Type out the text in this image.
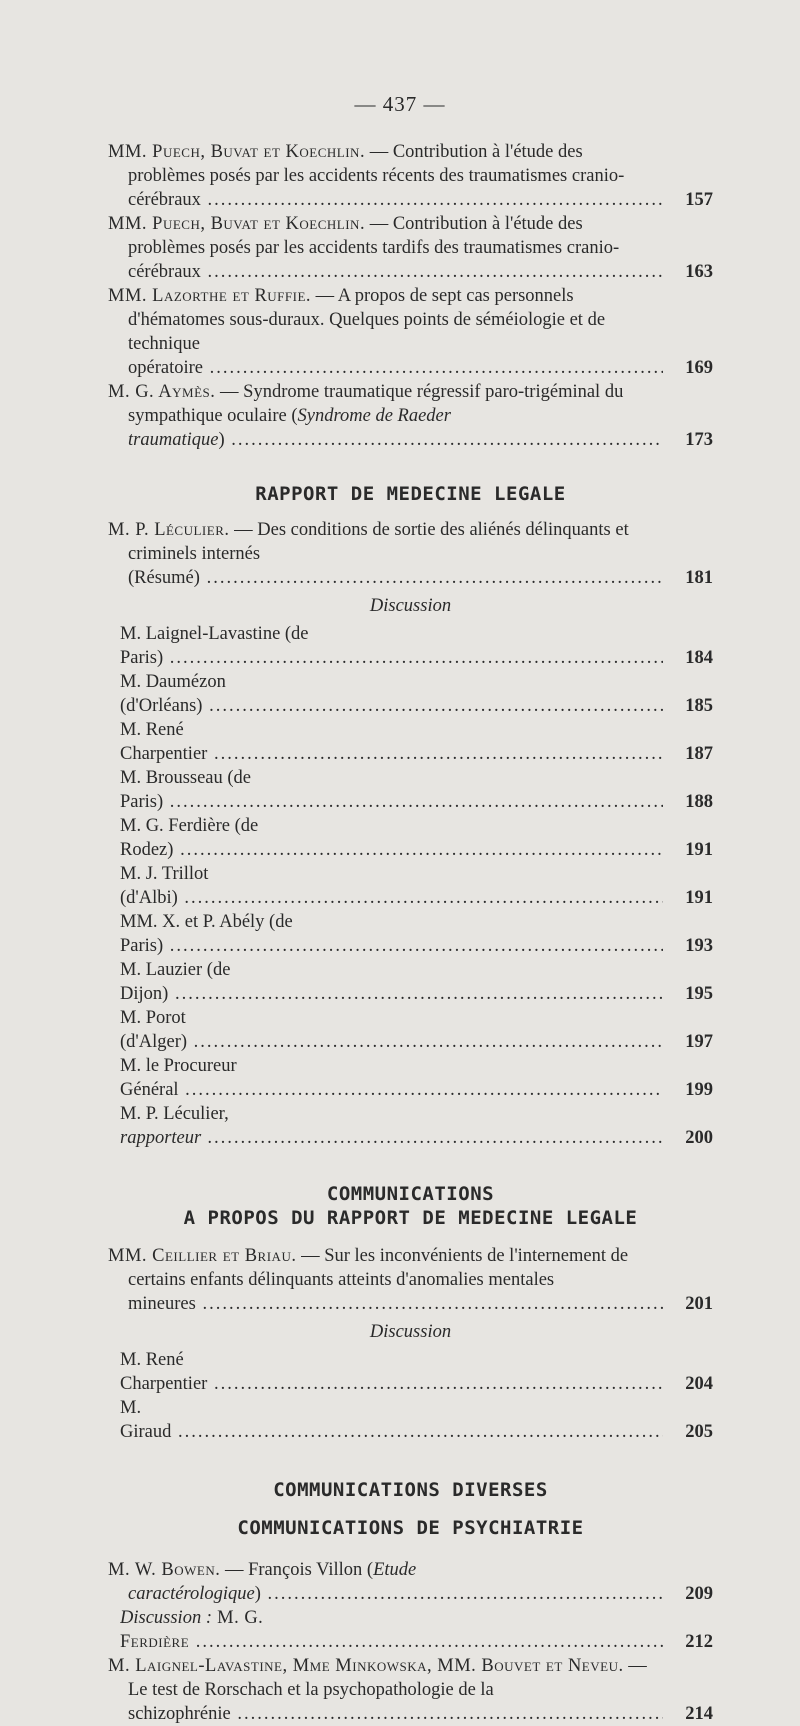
— 437 —
MM. Puech, Buvat et Koechlin. — Contribution à l'étude des problèmes posés par les accidents récents des traumatismes cranio-cérébraux .....	157
MM. Puech, Buvat et Koechlin. — Contribution à l'étude des problèmes posés par les accidents tardifs des traumatismes cranio-cérébraux .....	163
MM. Lazorthe et Ruffie. — A propos de sept cas personnels d'hématomes sous-duraux. Quelques points de séméiologie et de technique opératoire .....	169
M. G. Aymès. — Syndrome traumatique régressif paro-trigéminal du sympathique oculaire (Syndrome de Raeder traumatique) .....	173
RAPPORT DE MEDECINE LEGALE
M. P. Léculier. — Des conditions de sortie des aliénés délinquants et criminels internés (Résumé) .....	181
Discussion
M. Laignel-Lavastine (de Paris) .....	184
M. Daumézon (d'Orléans) .....	185
M. René Charpentier .....	187
M. Brousseau (de Paris) .....	188
M. G. Ferdière (de Rodez) .....	191
M. J. Trillot (d'Albi) .....	191
MM. X. et P. Abély (de Paris) .....	193
M. Lauzier (de Dijon) .....	195
M. Porot (d'Alger) .....	197
M. le Procureur Général .....	199
M. P. Léculier, rapporteur .....	200
COMMUNICATIONS
A PROPOS DU RAPPORT DE MEDECINE LEGALE
MM. Ceillier et Briau. — Sur les inconvénients de l'internement de certains enfants délinquants atteints d'anomalies mentales mineures .....	201
Discussion
M. René Charpentier .....	204
M. Giraud .....	205
COMMUNICATIONS DIVERSES
COMMUNICATIONS DE PSYCHIATRIE
M. W. Bowen. — François Villon (Etude caractérologique) .....	209
Discussion : M. G. Ferdière .....	212
M. Laignel-Lavastine, Mme Minkowska, MM. Bouvet et Neveu. — Le test de Rorschach et la psychopathologie de la schizophrénie .....	214
